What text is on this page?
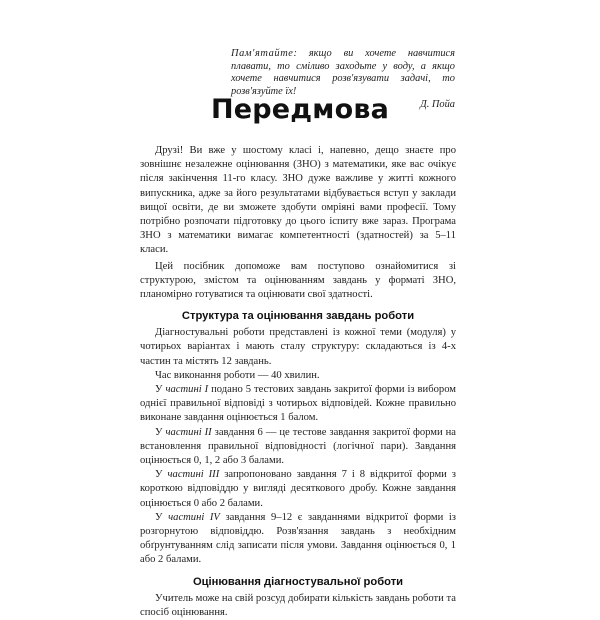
Пам'ятайте: якщо ви хочете навчитися плавати, то сміливо заходьте у воду, а якщо хочете навчитися розв'язувати задачі, то розв'язуйте їх!
Д. Пойа
Передмова

Друзі! Ви вже у шостому класі і, напевно, дещо знаєте про зовнішнє незалежне оцінювання (ЗНО) з математики, яке вас очікує після закінчення 11-го класу. ЗНО дуже важливе у житті кожного випускника, адже за його результатами відбувається вступ у заклади вищої освіти, де ви зможете здобути омріяні вами професії. Тому потрібно розпочати підготовку до цього іспиту вже зараз. Програма ЗНО з математики вимагає компетентності (здатностей) за 5–11 класи.

Цей посібник допоможе вам поступово ознайомитися зі структурою, змістом та оцінюванням завдань у форматі ЗНО, планомірно готуватися та оцінювати свої здатності.

Структура та оцінювання завдань роботи

Діагностувальні роботи представлені із кожної теми (модуля) у чотирьох варіантах і мають сталу структуру: складаються із 4-х частин та містять 12 завдань.

Час виконання роботи — 40 хвилин.

У частині I подано 5 тестових завдань закритої форми із вибором однієї правильної відповіді з чотирьох відповідей. Кожне правильно виконане завдання оцінюється 1 балом.

У частині II завдання 6 — це тестове завдання закритої форми на встановлення правильної відповідності (логічної пари). Завдання оцінюється 0, 1, 2 або 3 балами.

У частині III запропоновано завдання 7 і 8 відкритої форми з короткою відповіддю у вигляді десяткового дробу. Кожне завдання оцінюється 0 або 2 балами.

У частині IV завдання 9–12 є завданнями відкритої форми із розгорнутою відповіддю. Розв'язання завдань з необхідним обґрунтуванням слід записати після умови. Завдання оцінюється 0, 1 або 2 балами.

Оцінювання діагностувальної роботи

Учитель може на свій розсуд добирати кількість завдань роботи та спосіб оцінювання.
